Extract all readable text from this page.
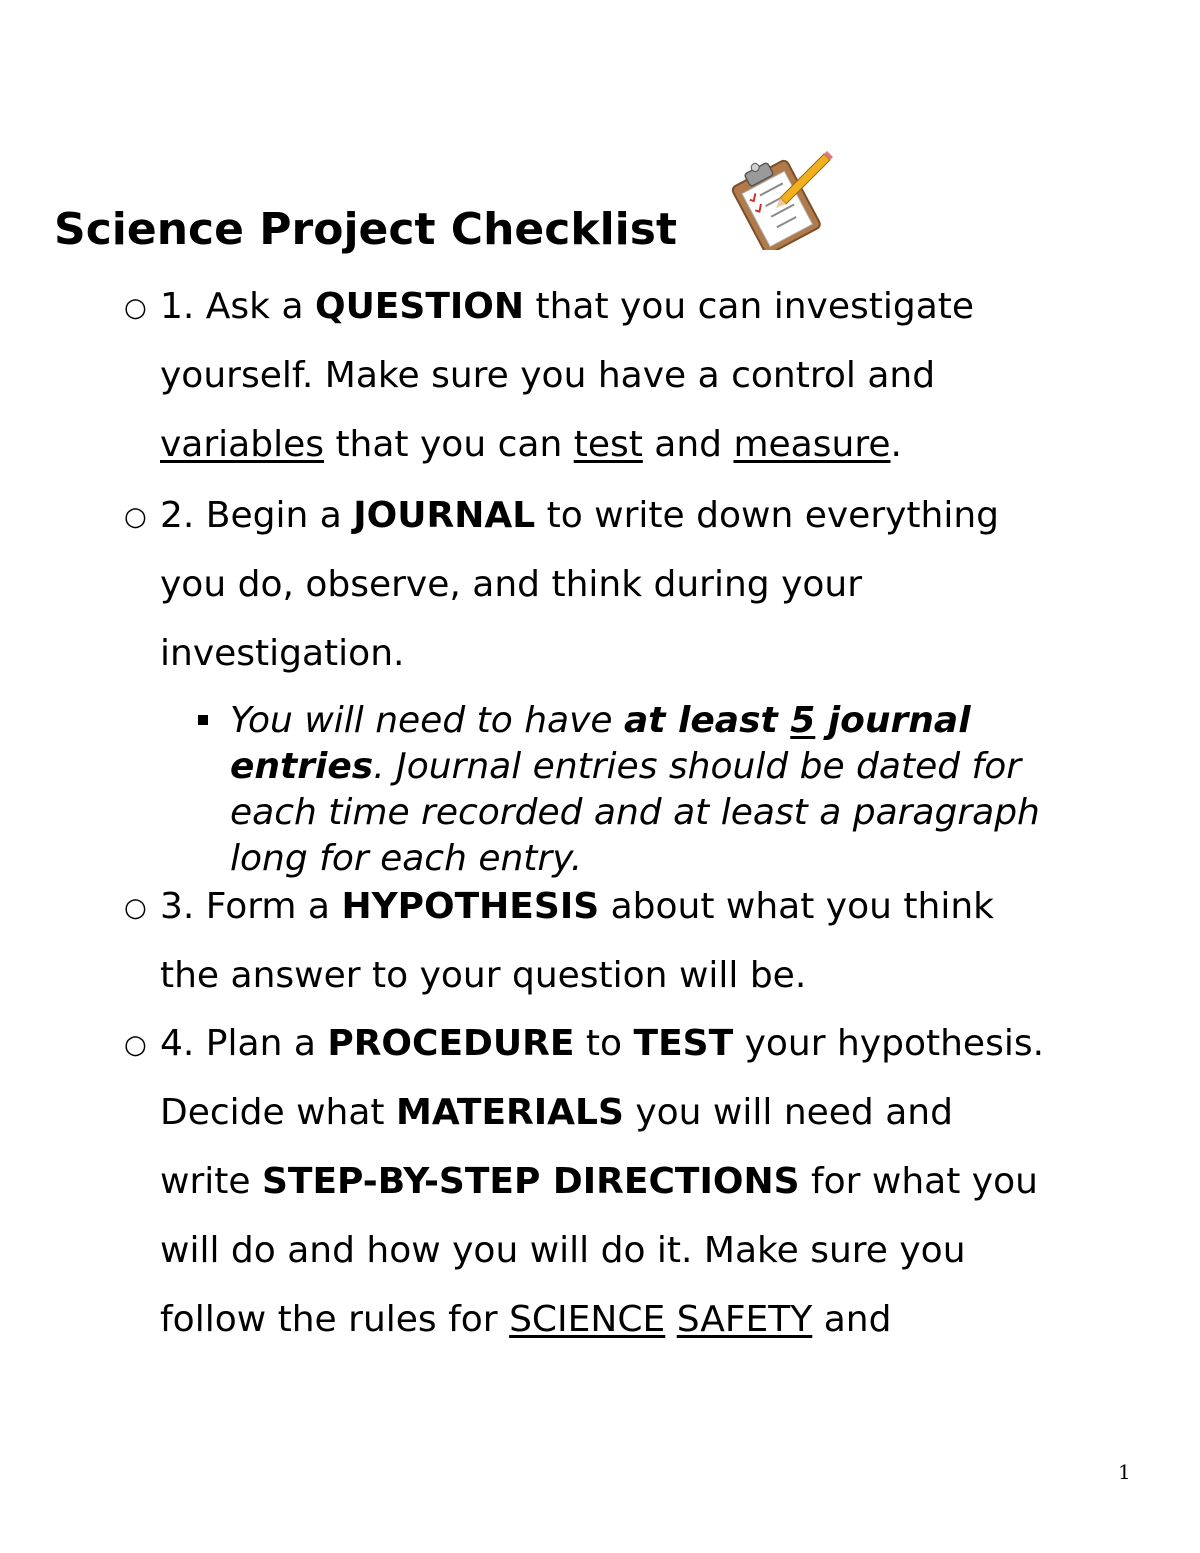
Science Project Checklist
○ 1. Ask a QUESTION that you can investigate
yourself. Make sure you have a control and
variables that you can test and measure.
○ 2. Begin a JOURNAL to write down everything
you do, observe, and think during your
investigation.
You will need to have at least 5 journal
entries. Journal entries should be dated for
each time recorded and at least a paragraph
long for each entry.
○ 3. Form a HYPOTHESIS about what you think
the answer to your question will be.
○ 4. Plan a PROCEDURE to TEST your hypothesis.
Decide what MATERIALS you will need and
write STEP-BY-STEP DIRECTIONS for what you
will do and how you will do it. Make sure you
follow the rules for SCIENCE SAFETY and
1
